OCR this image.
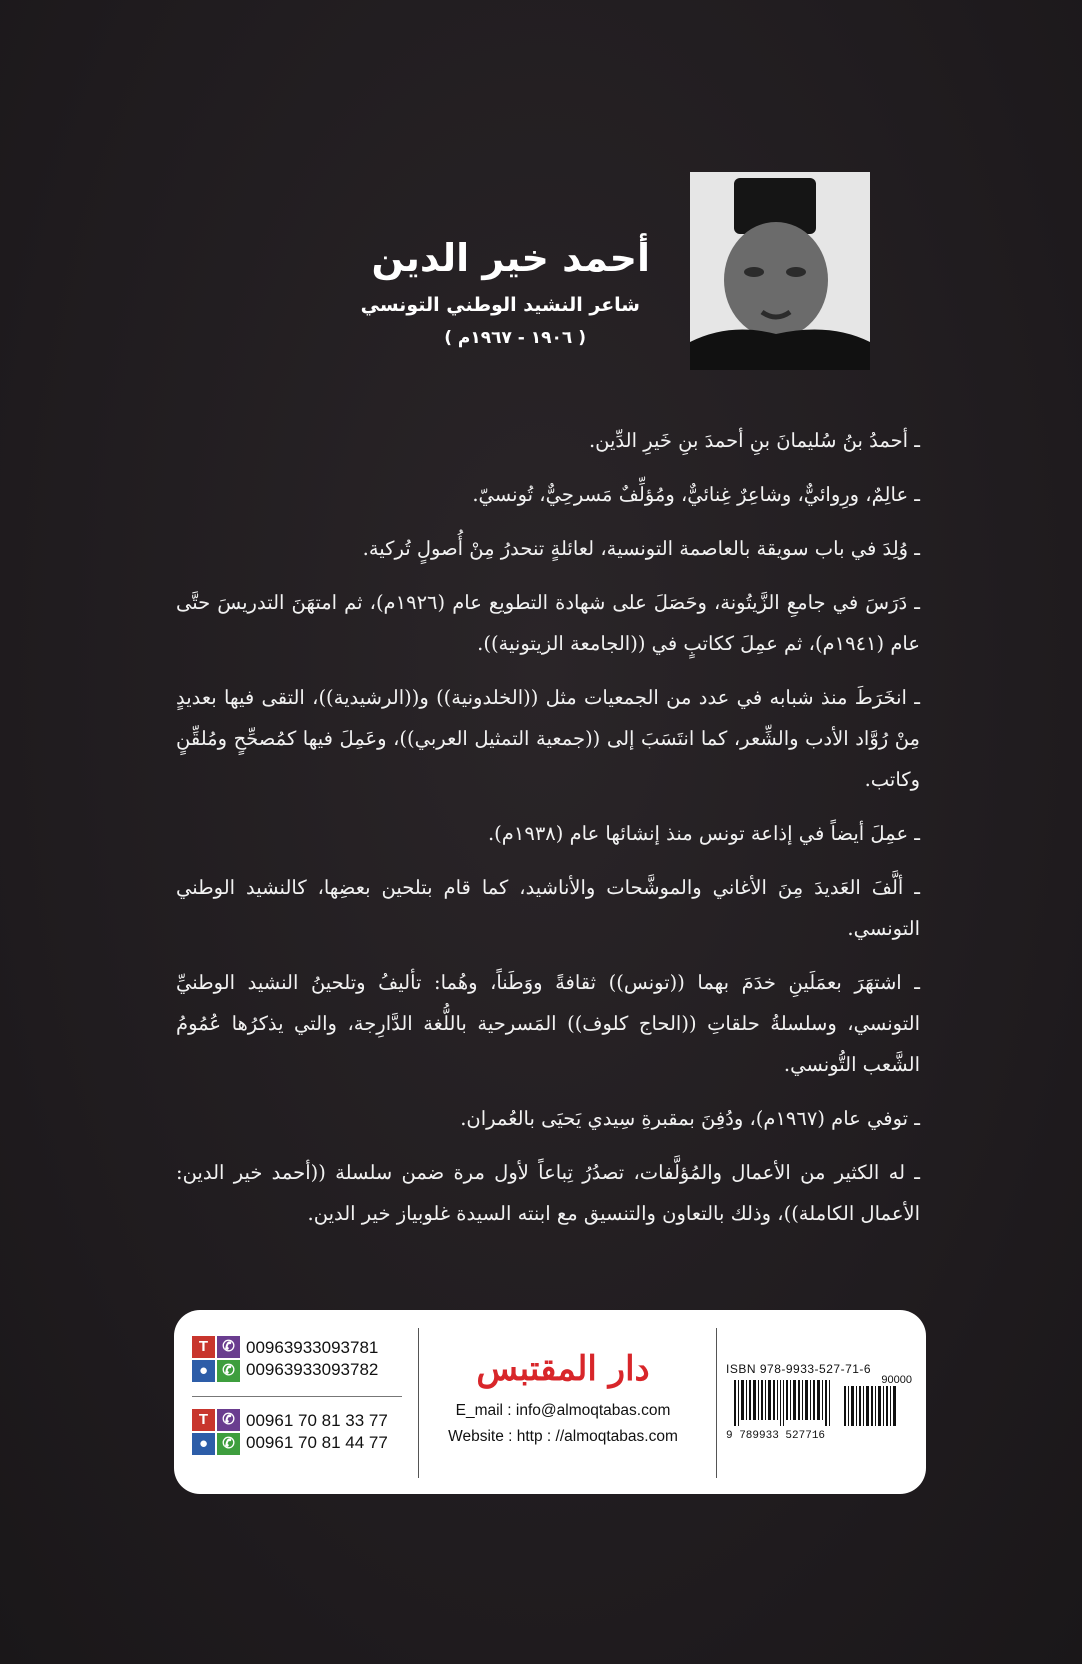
أحمد خير الدين
شاعر النشيد الوطني التونسي
( ١٩٠٦ - ١٩٦٧م )

ـ أحمدُ بنُ سُليمانَ بنِ أحمدَ بنِ خَيرِ الدِّين.

ـ عالِمٌ، ورِوائيٌّ، وشاعِرٌ غِنائيٌّ، ومُؤلِّفٌ مَسرحِيٌّ، تُونسيّ.

ـ وُلِدَ في باب سويقة بالعاصمة التونسية، لعائلةٍ تنحدرُ مِنْ أُصولٍ تُركية.

ـ دَرَسَ في جامعِ الزَّيتُونة، وحَصَلَ على شهادة التطويع عام (١٩٢٦م)، ثم امتهَنَ التدريسَ حتَّى عام (١٩٤١م)، ثم عمِلَ ككاتبٍ في ((الجامعة الزيتونية)).

ـ انخَرَطَ منذ شبابه في عدد من الجمعيات مثل ((الخلدونية)) و((الرشيدية))، التقى فيها بعديدٍ مِنْ رُوَّاد الأدب والشِّعر، كما انتَسَبَ إلى ((جمعية التمثيل العربي))، وعَمِلَ فيها كمُصحِّحٍ ومُلقِّنٍ وكاتب.

ـ عمِلَ أيضاً في إذاعة تونس منذ إنشائها عام (١٩٣٨م).

ـ ألَّفَ العَديدَ مِنَ الأغاني والموشَّحات والأناشيد، كما قام بتلحين بعضِها، كالنشيد الوطني التونسي.

ـ اشتهَرَ بعمَلَينِ خدَمَ بهما ((تونس)) ثقافةً ووَطَناً، وهُما: تأليفُ وتلحينُ النشيد الوطنيِّ التونسي، وسلسلةُ حلقاتِ ((الحاج كلوف)) المَسرحية باللُّغة الدَّارِجة، والتي يذكرُها عُمُومُ الشَّعب التُّونسي.

ـ توفي عام (١٩٦٧م)، ودُفِنَ بمقبرةِ سِيدي يَحيَى بالعُمران.

ـ له الكثير من الأعمال والمُؤلَّفات، تصدُرُ تِباعاً لأول مرة ضمن سلسلة ((أحمد خير الدين: الأعمال الكاملة))، وذلك بالتعاون والتنسيق مع ابنته السيدة غلوبياز خير الدين.

T ✆
● ✆
00963933093781
00963933093782
T ✆
● ✆
00961 70 81 33 77
00961 70 81 44 77
دار المقتبس
E_mail : info@almoqtabas.com
Website : http : //almoqtabas.com
ISBN 978-9933-527-71-6
90000
9 789933 527716
